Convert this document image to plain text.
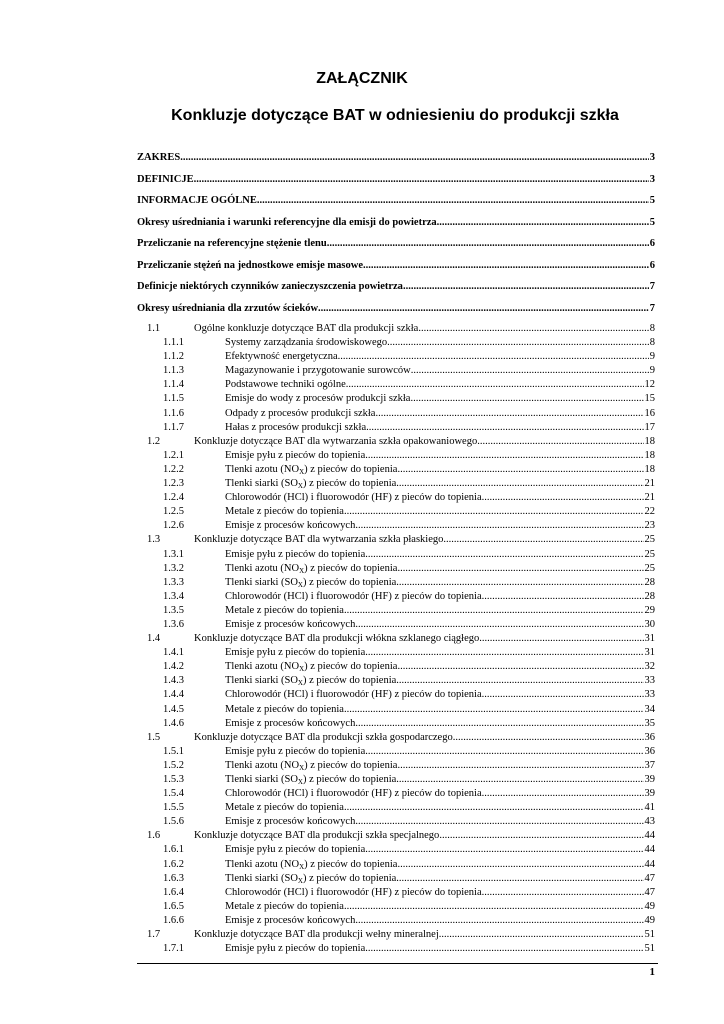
ZAŁĄCZNIK
Konkluzje dotyczące BAT w odniesieniu do produkcji szkła
ZAKRES .....	3
DEFINICJE .....	3
INFORMACJE OGÓLNE .....	5
Okresy uśredniania i warunki referencyjne dla emisji do powietrza .....	5
Przeliczanie na referencyjne stężenie tlenu .....	6
Przeliczanie stężeń na jednostkowe emisje masowe .....	6
Definicje niektórych czynników zanieczyszczenia powietrza .....	7
Okresy uśredniania dla zrzutów ścieków .....	7
1.1	Ogólne konkluzje dotyczące BAT dla produkcji szkła .....	8
1.1.1	Systemy zarządzania środowiskowego .....	8
1.1.2	Efektywność energetyczna .....	9
1.1.3	Magazynowanie i przygotowanie surowców .....	9
1.1.4	Podstawowe techniki ogólne .....	12
1.1.5	Emisje do wody z procesów produkcji szkła .....	15
1.1.6	Odpady z procesów produkcji szkła .....	16
1.1.7	Hałas z procesów produkcji szkła .....	17
1.2	Konkluzje dotyczące BAT dla wytwarzania szkła opakowaniowego .....	18
1.2.1	Emisje pyłu z pieców do topienia .....	18
1.2.2	Tlenki azotu $(NO_X)$ z pieców do topienia .....	18
1.2.3	Tlenki siarki $(SO_X)$ z pieców do topienia .....	21
1.2.4	Chlorowodór (HCl) i fluorowodór (HF) z pieców do topienia .....	21
1.2.5	Metale z pieców do topienia .....	22
1.2.6	Emisje z procesów końcowych .....	23
1.3	Konkluzje dotyczące BAT dla wytwarzania szkła płaskiego .....	25
1.3.1	Emisje pyłu z pieców do topienia .....	25
1.3.2	Tlenki azotu $(NO_X)$ z pieców do topienia .....	25
1.3.3	Tlenki siarki $(SO_X)$ z pieców do topienia .....	28
1.3.4	Chlorowodór (HCl) i fluorowodór (HF) z pieców do topienia .....	28
1.3.5	Metale z pieców do topienia .....	29
1.3.6	Emisje z procesów końcowych .....	30
1.4	Konkluzje dotyczące BAT dla produkcji włókna szklanego ciągłego .....	31
1.4.1	Emisje pyłu z pieców do topienia .....	31
1.4.2	Tlenki azotu $(NO_X)$ z pieców do topienia .....	32
1.4.3	Tlenki siarki $(SO_X)$ z pieców do topienia .....	33
1.4.4	Chlorowodór (HCl) i fluorowodór (HF) z pieców do topienia .....	33
1.4.5	Metale z pieców do topienia .....	34
1.4.6	Emisje z procesów końcowych .....	35
1.5	Konkluzje dotyczące BAT dla produkcji szkła gospodarczego .....	36
1.5.1	Emisje pyłu z pieców do topienia .....	36
1.5.2	Tlenki azotu $(NO_X)$ z pieców do topienia .....	37
1.5.3	Tlenki siarki $(SO_X)$ z pieców do topienia .....	39
1.5.4	Chlorowodór (HCl) i fluorowodór (HF) z pieców do topienia .....	39
1.5.5	Metale z pieców do topienia .....	41
1.5.6	Emisje z procesów końcowych .....	43
1.6	Konkluzje dotyczące BAT dla produkcji szkła specjalnego .....	44
1.6.1	Emisje pyłu z pieców do topienia .....	44
1.6.2	Tlenki azotu $(NO_X)$ z pieców do topienia .....	44
1.6.3	Tlenki siarki $(SO_X)$ z pieców do topienia .....	47
1.6.4	Chlorowodór (HCl) i fluorowodór (HF) z pieców do topienia .....	47
1.6.5	Metale z pieców do topienia .....	49
1.6.6	Emisje z procesów końcowych .....	49
1.7	Konkluzje dotyczące BAT dla produkcji wełny mineralnej .....	51
1.7.1	Emisje pyłu z pieców do topienia .....	51
1
